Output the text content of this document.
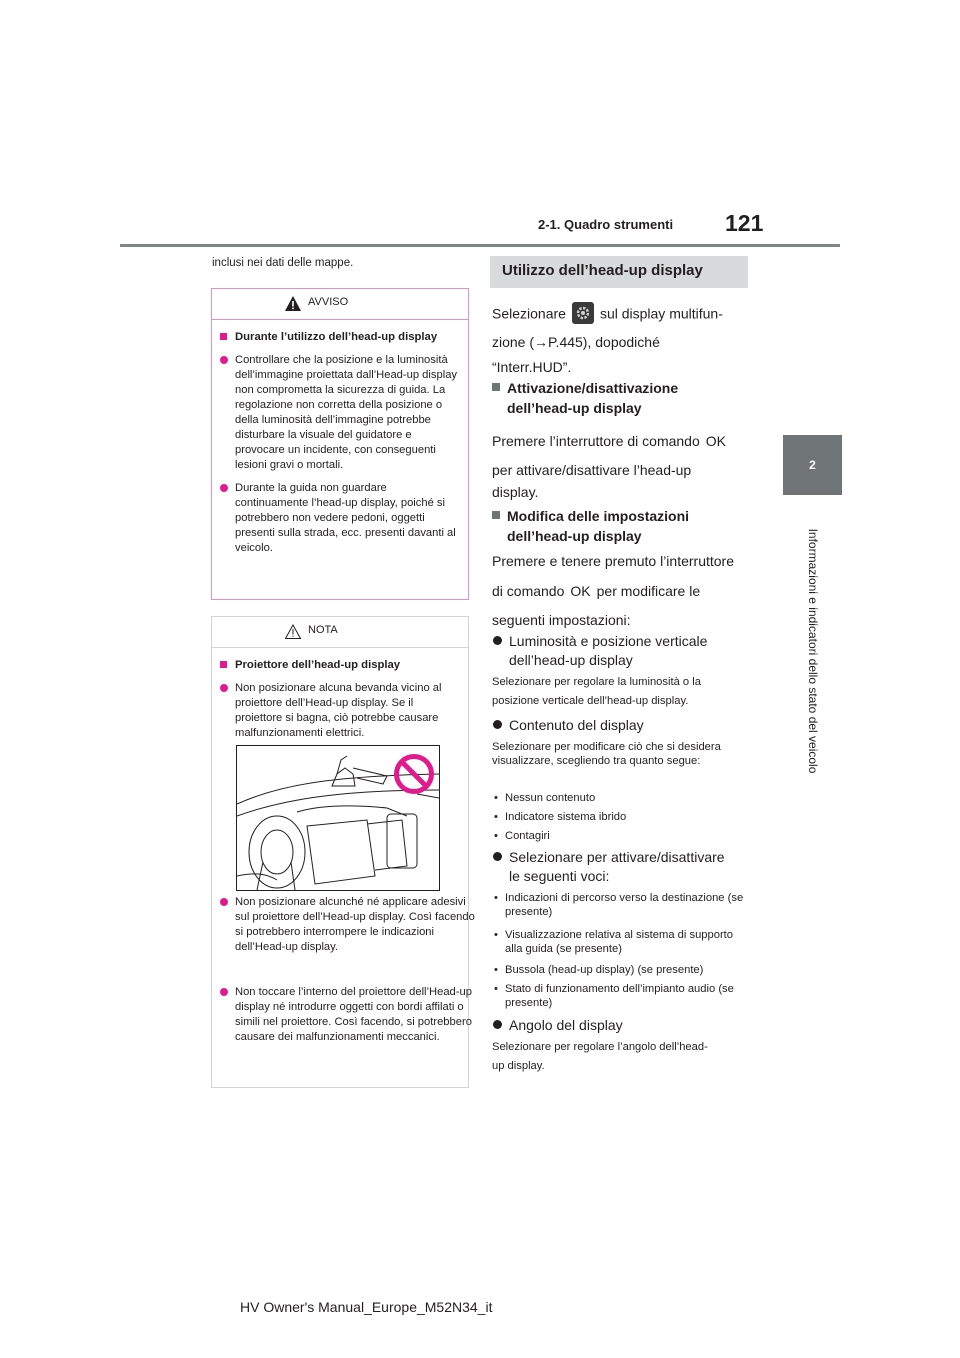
2-1. Quadro strumenti 121
2
Informazioni e indicatori dello stato del veicolo
inclusi nei dati delle mappe.
AVVISO
Durante l’utilizzo dell’head-up display
Controllare che la posizione e la luminosità dell’immagine proiettata dall’Head-up display non comprometta la sicurezza di guida. La regolazione non corretta della posizione o della luminosità dell’immagine potrebbe disturbare la visuale del guidatore e provocare un incidente, con conseguenti lesioni gravi o mortali.
Durante la guida non guardare continuamente l’head-up display, poiché si potrebbero non vedere pedoni, oggetti presenti sulla strada, ecc. presenti davanti al veicolo.
NOTA
Proiettore dell’head-up display
Non posizionare alcuna bevanda vicino al proiettore dell’Head-up display. Se il proiettore si bagna, ciò potrebbe causare malfunzionamenti elettrici.
Non posizionare alcunché né applicare adesivi sul proiettore dell’Head-up display. Così facendo si potrebbero interrompere le indicazioni dell’Head-up display.
Non toccare l’interno del proiettore dell’Head-up display né introdurre oggetti con bordi affilati o simili nel proiettore. Così facendo, si potrebbero causare dei malfunzionamenti meccanici.
Utilizzo dell’head-up display
Selezionare sul display multifun-
zione (→P.445), dopodiché
“Interr.HUD”.
Attivazione/disattivazione dell’head-up display
Premere l’interruttore di comando OK
per attivare/disattivare l’head-up
display.
Modifica delle impostazioni dell’head-up display
Premere e tenere premuto l’interruttore
di comando OK per modificare le
seguenti impostazioni:
Luminosità e posizione verticale
dell’head-up display
Selezionare per regolare la luminosità o la
posizione verticale dell’head-up display.
Contenuto del display
Selezionare per modificare ciò che si desidera visualizzare, scegliendo tra quanto segue:
• Nessun contenuto
• Indicatore sistema ibrido
• Contagiri
Selezionare per attivare/disattivare
le seguenti voci:
• Indicazioni di percorso verso la destinazione (se presente)
• Visualizzazione relativa al sistema di supporto alla guida (se presente)
• Bussola (head-up display) (se presente)
• Stato di funzionamento dell’impianto audio (se presente)
Angolo del display
Selezionare per regolare l’angolo dell’head-
up display.
HV Owner's Manual_Europe_M52N34_it
